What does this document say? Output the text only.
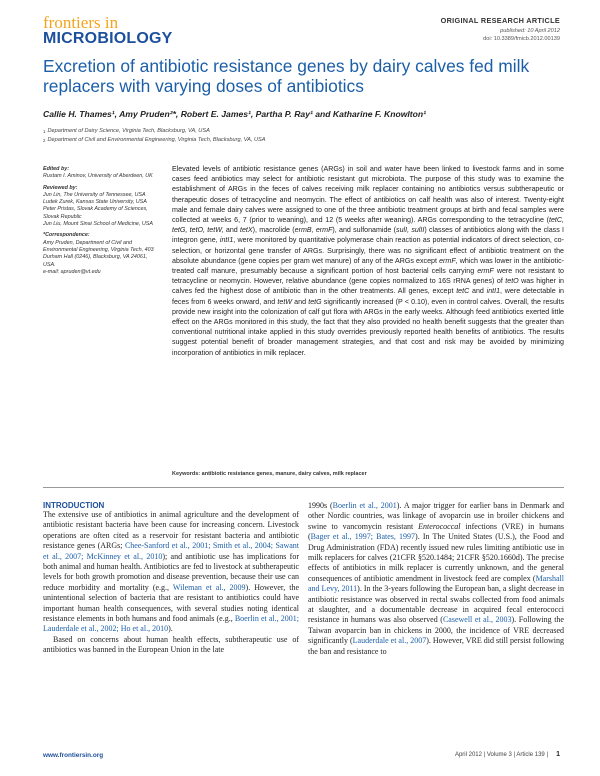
frontiers in
MICROBIOLOGY
ORIGINAL RESEARCH ARTICLE
published: 10 April 2012
doi: 10.3389/fmicb.2012.00139
Excretion of antibiotic resistance genes by dairy calves fed milk replacers with varying doses of antibiotics
Callie H. Thames¹, Amy Pruden²*, Robert E. James¹, Partha P. Ray¹ and Katharine F. Knowlton¹
$^1$ Department of Dairy Science, Virginia Tech, Blacksburg, VA, USA
$^2$ Department of Civil and Environmental Engineering, Virginia Tech, Blacksburg, VA, USA
Edited by:
Rustam I. Aminov, University of Aberdeen, UK
Reviewed by:
Jun Lin, The University of Tennessee, USA
Ludek Zurek, Kansas State University, USA
Peter Pristas, Slovak Academy of Sciences, Slovak Republic
Jun Liu, Mount Sinai School of Medicine, USA
*Correspondence:
Amy Pruden, Department of Civil and Environmental Engineering, Virginia Tech, 403 Durham Hall (0246), Blacksburg, VA 24061, USA.
e-mail: apruden@vt.edu
Elevated levels of antibiotic resistance genes (ARGs) in soil and water have been linked to livestock farms and in some cases feed antibiotics may select for antibiotic resistant gut microbiota. The purpose of this study was to examine the establishment of ARGs in the feces of calves receiving milk replacer containing no antibiotics versus subtherapeutic or therapeutic doses of tetracycline and neomycin. The effect of antibiotics on calf health was also of interest. Twenty-eight male and female dairy calves were assigned to one of the three antibiotic treatment groups at birth and fecal samples were collected at weeks 6, 7 (prior to weaning), and 12 (5 weeks after weaning). ARGs corresponding to the tetracycline (tetC, tetG, tetO, tetW, and tetX), macrolide (ermB, ermF), and sulfonamide (sulI, sulII) classes of antibiotics along with the class I integron gene, intI1, were monitored by quantitative polymerase chain reaction as potential indicators of direct selection, co-selection, or horizontal gene transfer of ARGs. Surprisingly, there was no significant effect of antibiotic treatment on the absolute abundance (gene copies per gram wet manure) of any of the ARGs except ermF, which was lower in the antibiotic-treated calf manure, presumably because a significant portion of host bacterial cells carrying ermF were not resistant to tetracycline or neomycin. However, relative abundance (gene copies normalized to 16S rRNA genes) of tetO was higher in calves fed the highest dose of antibiotic than in the other treatments. All genes, except tetC and intI1, were detectable in feces from 6 weeks onward, and tetW and tetG significantly increased (P < 0.10), even in control calves. Overall, the results provide new insight into the colonization of calf gut flora with ARGs in the early weeks. Although feed antibiotics exerted little effect on the ARGs monitored in this study, the fact that they also provided no health benefit suggests that the greater than conventional nutritional intake applied in this study overrides previously reported health benefits of antibiotics. The results suggest potential benefit of broader management strategies, and that cost and risk may be avoided by minimizing incorporation of antibiotics in milk replacer.
Keywords: antibiotic resistance genes, manure, dairy calves, milk replacer
INTRODUCTION

The extensive use of antibiotics in animal agriculture and the development of antibiotic resistant bacteria have been cause for increasing concern. Livestock operations are often cited as a reservoir for resistant bacteria and antibiotic resistance genes (ARGs; Chee-Sanford et al., 2001; Smith et al., 2004; Sawant et al., 2007; McKinney et al., 2010); and antibiotic use has implications for both animal and human health. Antibiotics are fed to livestock at subtherapeutic levels for both growth promotion and disease prevention, because their use can reduce morbidity and mortality (e.g., Wileman et al., 2009). However, the unintentional selection of bacteria that are resistant to antibiotics could have important human health consequences, with several studies noting identical resistance elements in both humans and food animals (e.g., Boerlin et al., 2001; Lauderdale et al., 2002; Ho et al., 2010).

Based on concerns about human health effects, subtherapeutic use of antibiotics was banned in the European Union in the late

1990s (Boerlin et al., 2001). A major trigger for earlier bans in Denmark and other Nordic countries, was linkage of avoparcin use in broiler chickens and swine to vancomycin resistant Enterococcal infections (VRE) in humans (Bager et al., 1997; Bates, 1997). In The United States (U.S.), the Food and Drug Administration (FDA) recently issued new rules limiting antibiotic use in milk replacers for calves (21CFR §520.1484; 21CFR §520.1660d). The precise effects of antibiotics in milk replacer is currently unknown, and the general consequences of antibiotic amendment in livestock feed are complex (Marshall and Levy, 2011). In the 3-years following the European ban, a slight decrease in antibiotic resistance was observed in rectal swabs collected from food animals at slaughter, and a documentable decrease in acquired fecal enterococci resistance in humans was also observed (Casewell et al., 2003). Following the Taiwan avoparcin ban in chickens in 2000, the incidence of VRE decreased significantly (Lauderdale et al., 2007). However, VRE did still persist following the ban and resistance to

www.frontiersin.org	April 2012 | Volume 3 | Article 139 | 1
